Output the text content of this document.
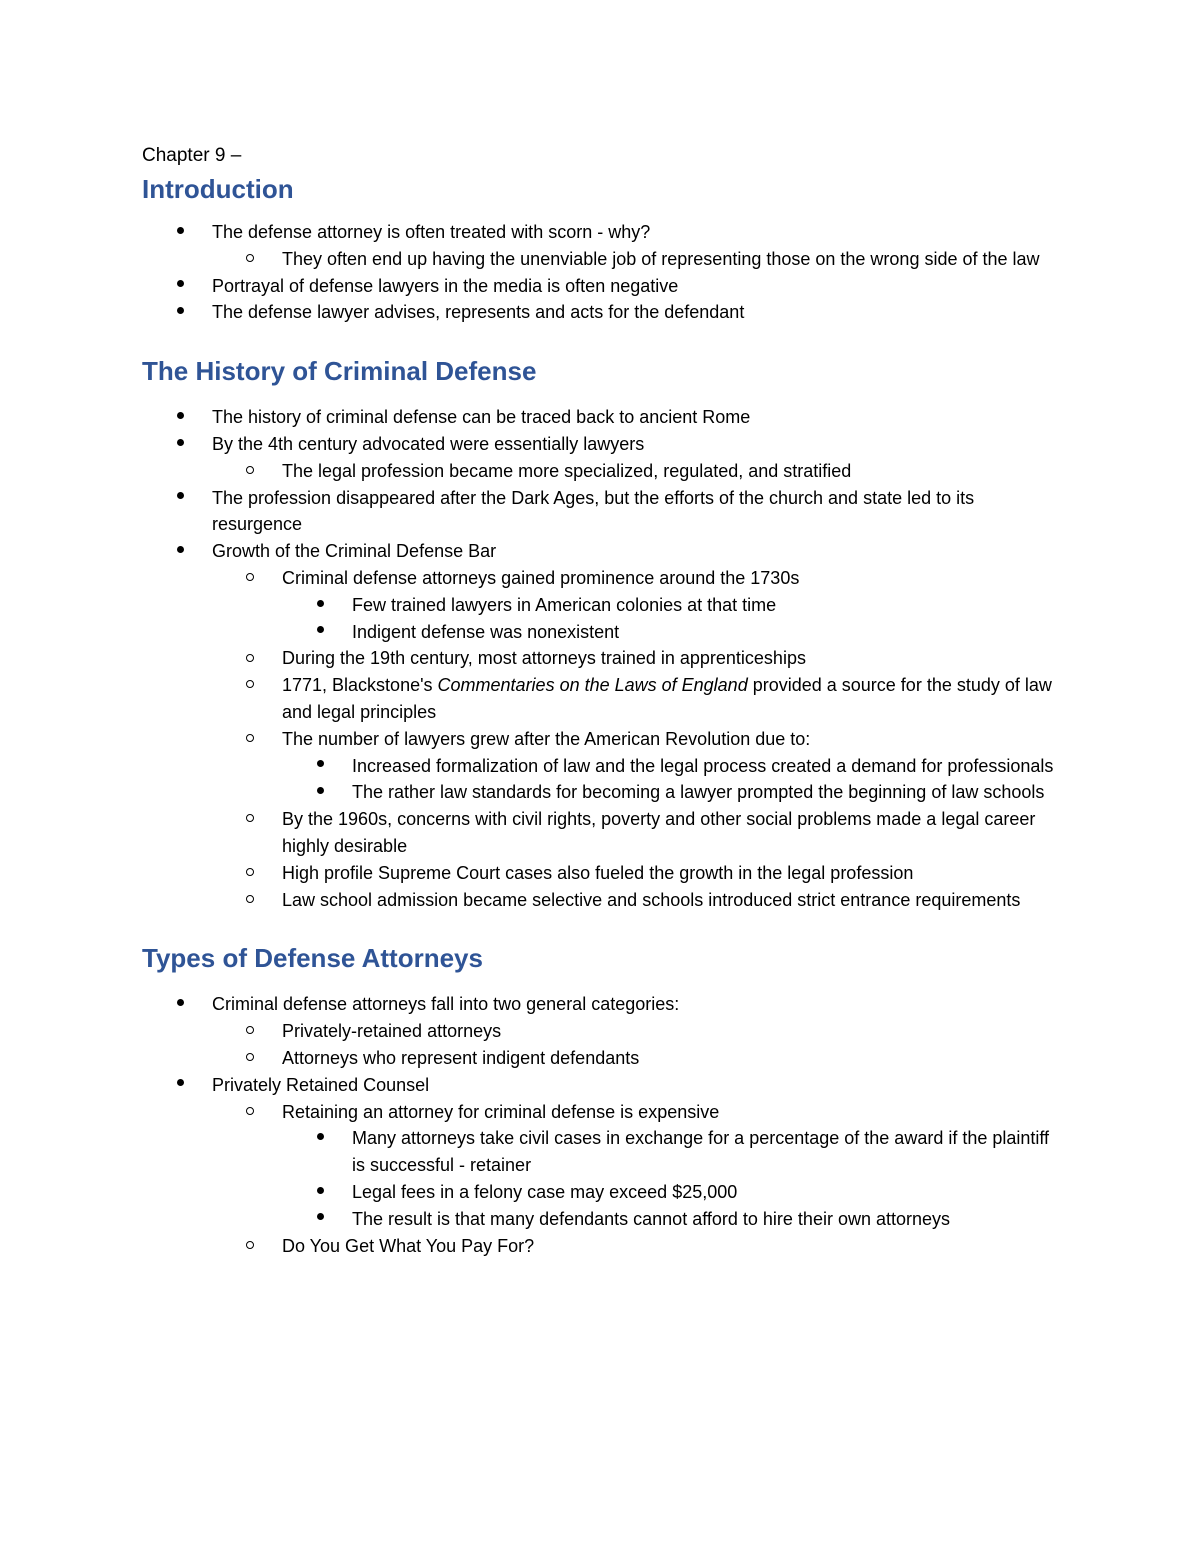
Chapter 9 –

Introduction
The defense attorney is often treated with scorn - why?
They often end up having the unenviable job of representing those on the wrong side of the law
Portrayal of defense lawyers in the media is often negative
The defense lawyer advises, represents and acts for the defendant
The History of Criminal Defense
The history of criminal defense can be traced back to ancient Rome
By the 4th century advocated were essentially lawyers
The legal profession became more specialized, regulated, and stratified
The profession disappeared after the Dark Ages, but the efforts of the church and state led to its resurgence
Growth of the Criminal Defense Bar
Criminal defense attorneys gained prominence around the 1730s
Few trained lawyers in American colonies at that time
Indigent defense was nonexistent
During the 19th century, most attorneys trained in apprenticeships
1771, Blackstone's Commentaries on the Laws of England provided a source for the study of law and legal principles
The number of lawyers grew after the American Revolution due to:
Increased formalization of law and the legal process created a demand for professionals
The rather law standards for becoming a lawyer prompted the beginning of law schools
By the 1960s, concerns with civil rights, poverty and other social problems made a legal career highly desirable
High profile Supreme Court cases also fueled the growth in the legal profession
Law school admission became selective and schools introduced strict entrance requirements
Types of Defense Attorneys
Criminal defense attorneys fall into two general categories:
Privately-retained attorneys
Attorneys who represent indigent defendants
Privately Retained Counsel
Retaining an attorney for criminal defense is expensive
Many attorneys take civil cases in exchange for a percentage of the award if the plaintiff is successful - retainer
Legal fees in a felony case may exceed $25,000
The result is that many defendants cannot afford to hire their own attorneys
Do You Get What You Pay For?
